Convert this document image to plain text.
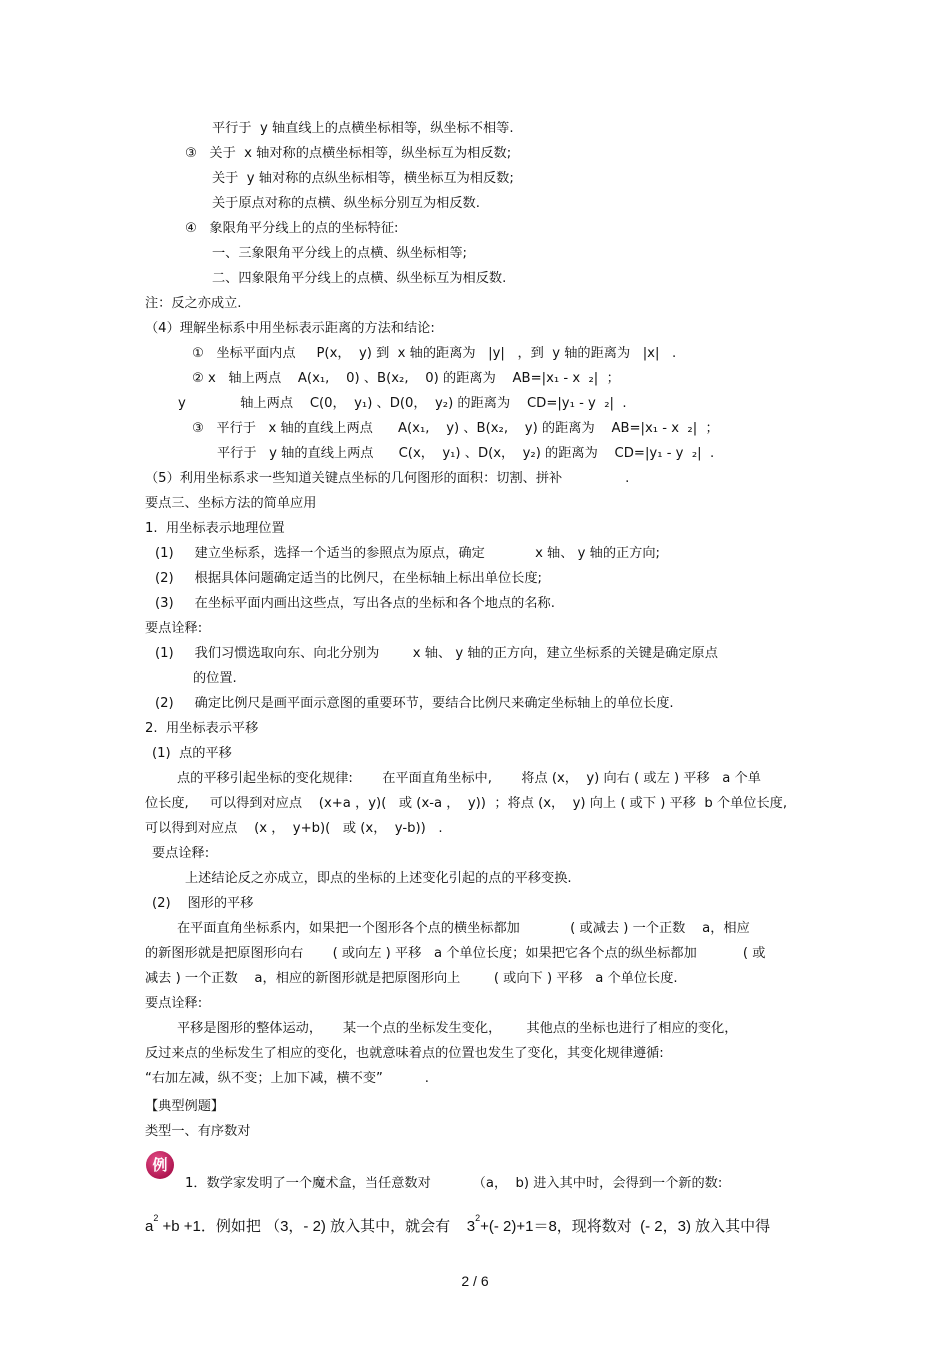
平行于  y 轴直线上的点横坐标相等，纵坐标不相等.
③   关于  x 轴对称的点横坐标相等，纵坐标互为相反数;
关于  y 轴对称的点纵坐标相等，横坐标互为相反数;
关于原点对称的点横、纵坐标分别互为相反数.
④   象限角平分线上的点的坐标特征:
一、三象限角平分线上的点横、纵坐标相等;
二、四象限角平分线上的点横、纵坐标互为相反数.
注：反之亦成立.
（4）理解坐标系中用坐标表示距离的方法和结论:
①   坐标平面内点     P(x，  y) 到  x 轴的距离为   |y|   ，到  y 轴的距离为   |x|   .
② x   轴上两点    A(x₁,    0) 、B(x₂,    0) 的距离为    AB=|x₁ - x  ₂|  ；
y             轴上两点    C(0，  y₁) 、D(0，  y₂) 的距离为    CD=|y₁ - y  ₂|  .
③   平行于   x 轴的直线上两点      A(x₁,    y) 、B(x₂,    y) 的距离为    AB=|x₁ - x  ₂|  ；
平行于   y 轴的直线上两点      C(x，  y₁) 、D(x，  y₂) 的距离为    CD=|y₁ - y  ₂|  .
（5）利用坐标系求一些知道关键点坐标的几何图形的面积：切割、拼补               .
要点三、坐标方法的简单应用
1.  用坐标表示地理位置
(1)     建立坐标系，选择一个适当的参照点为原点，确定            x 轴、 y 轴的正方向;
(2)     根据具体问题确定适当的比例尺，在坐标轴上标出单位长度;
(3)     在坐标平面内画出这些点，写出各点的坐标和各个地点的名称.
要点诠释:
(1)     我们习惯选取向东、向北分别为        x 轴、 y 轴的正方向，建立坐标系的关键是确定原点
的位置.
(2)     确定比例尺是画平面示意图的重要环节，要结合比例尺来确定坐标轴上的单位长度.
2.  用坐标表示平移
(1)  点的平移
点的平移引起坐标的变化规律:       在平面直角坐标中,       将点 (x，  y) 向右 ( 或左 ) 平移   a 个单
位长度,     可以得到对应点    (x+a ，y)(   或 (x-a ，  y))  ；将点 (x，  y) 向上 ( 或下 ) 平移  b 个单位长度,
可以得到对应点    (x ，  y+b)(   或 (x，  y-b))   .
要点诠释:
上述结论反之亦成立，即点的坐标的上述变化引起的点的平移变换.
(2)    图形的平移
在平面直角坐标系内，如果把一个图形各个点的横坐标都加            ( 或减去 ) 一个正数    a，相应
的新图形就是把原图形向右       ( 或向左 ) 平移   a 个单位长度；如果把它各个点的纵坐标都加           ( 或
减去 ) 一个正数    a，相应的新图形就是把原图形向上        ( 或向下 ) 平移   a 个单位长度.
要点诠释:
平移是图形的整体运动，     某一个点的坐标发生变化，      其他点的坐标也进行了相应的变化，
反过来点的坐标发生了相应的变化，也就意味着点的位置也发生了变化，其变化规律遵循:
“右加左减，纵不变；上加下减，横不变”          .
【典型例题】
类型一、有序数对
1．数学家发明了一个魔术盒，当任意数对          （a，  b) 进入其中时，会得到一个新的数:
例
$a^2 +b +1$．例如把 （3，- 2) 放入其中，就会有    $3^2+(-$ 2)+1＝8，现将数对  (- 2，3) 放入其中得
2 / 6
